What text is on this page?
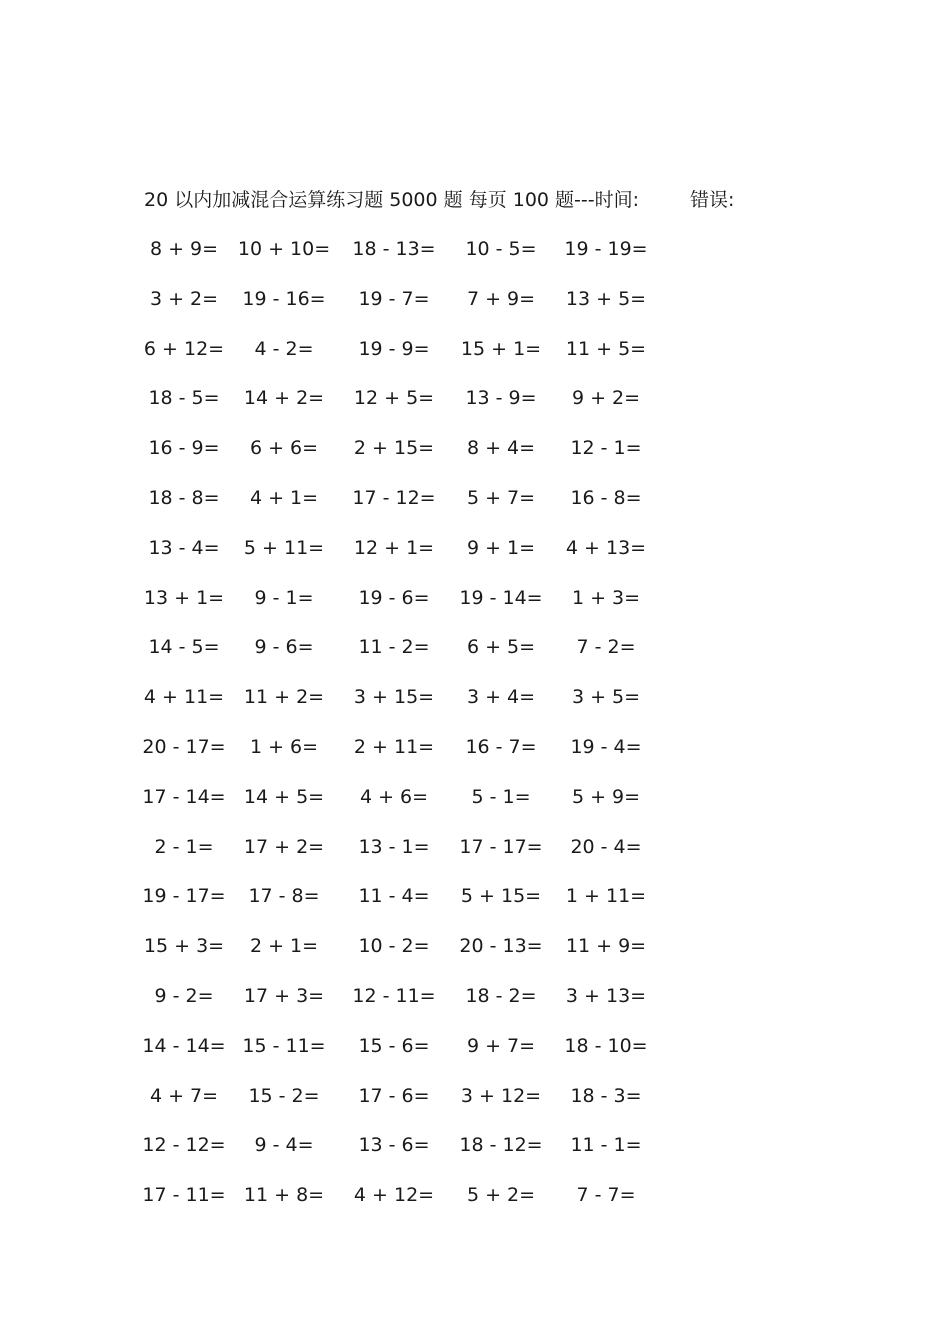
20 以内加减混合运算练习题 5000 题 每页 100 题---时间:	错误:
8 + 9=	10 + 10=	18 - 13=	10 - 5=	19 - 19=
3 + 2=	19 - 16=	19 - 7=	7 + 9=	13 + 5=
6 + 12=	4 - 2=	19 - 9=	15 + 1=	11 + 5=
18 - 5=	14 + 2=	12 + 5=	13 - 9=	9 + 2=
16 - 9=	6 + 6=	2 + 15=	8 + 4=	12 - 1=
18 - 8=	4 + 1=	17 - 12=	5 + 7=	16 - 8=
13 - 4=	5 + 11=	12 + 1=	9 + 1=	4 + 13=
13 + 1=	9 - 1=	19 - 6=	19 - 14=	1 + 3=
14 - 5=	9 - 6=	11 - 2=	6 + 5=	7 - 2=
4 + 11=	11 + 2=	3 + 15=	3 + 4=	3 + 5=
20 - 17=	1 + 6=	2 + 11=	16 - 7=	19 - 4=
17 - 14= 14 + 5=	4 + 6=	5 - 1=	5 + 9=
2 - 1=	17 + 2=	13 - 1=	17 - 17=	20 - 4=
19 - 17=	17 - 8=	11 - 4=	5 + 15=	1 + 11=
15 + 3=	2 + 1=	10 - 2=	20 - 13=	11 + 9=
9 - 2=	17 + 3=	12 - 11=	18 - 2=	3 + 13=
14 - 14= 15 - 11=	15 - 6=	9 + 7=	18 - 10=
4 + 7=	15 - 2=	17 - 6=	3 + 12=	18 - 3=
12 - 12=	9 - 4=	13 - 6=	18 - 12=	11 - 1=
17 - 11= 11 + 8=	4 + 12=	5 + 2=	7 - 7=
